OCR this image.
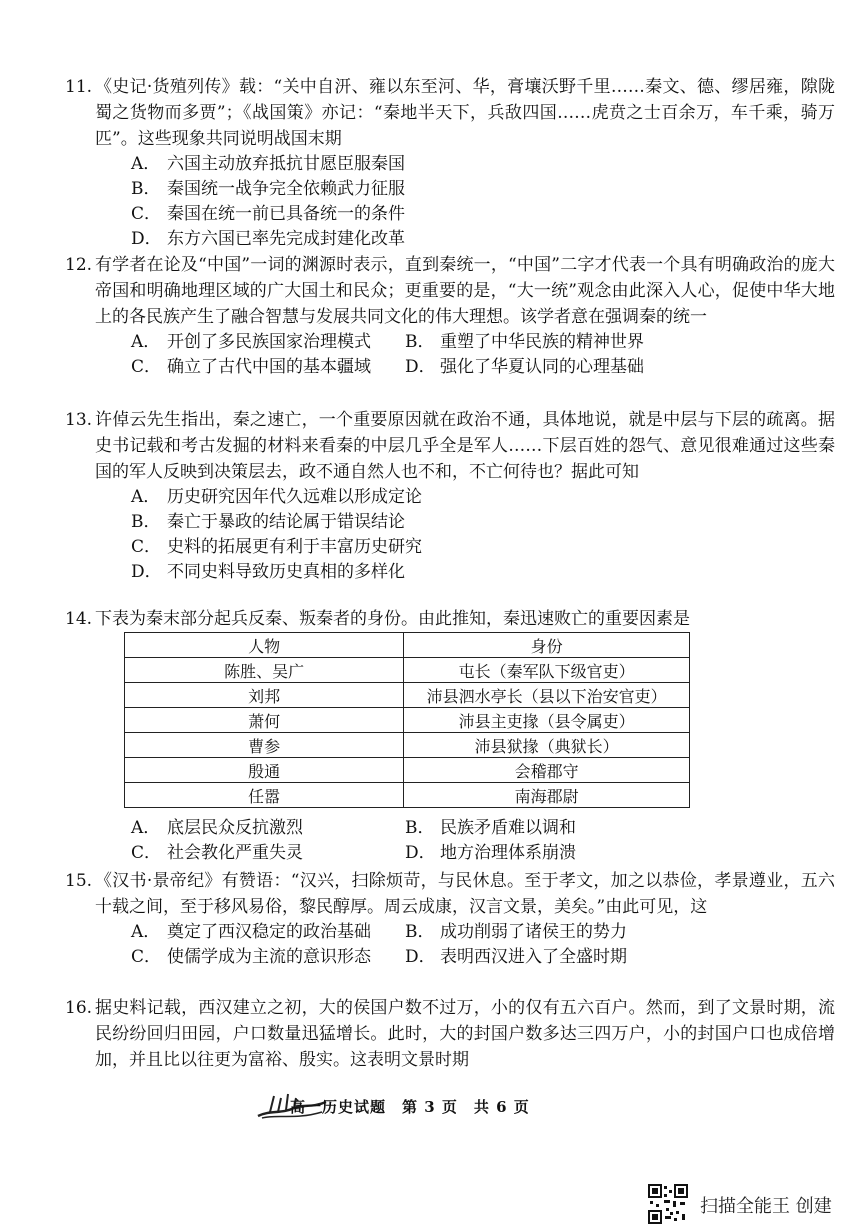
11. 《史记·货殖列传》载：“关中自汧、雍以东至河、华，膏壤沃野千里……秦文、德、缪居雍，隙陇蜀之货物而多贾”；《战国策》亦记：“秦地半天下，兵敌四国……虎贲之士百余万，车千乘，骑万匹”。这些现象共同说明战国末期

A． 六国主动放弃抵抗甘愿臣服秦国
B． 秦国统一战争完全依赖武力征服
C． 秦国在统一前已具备统一的条件
D． 东方六国已率先完成封建化改革
12. 有学者在论及“中国”一词的渊源时表示，直到秦统一，“中国”二字才代表一个具有明确政治的庞大帝国和明确地理区域的广大国土和民众；更重要的是，“大一统”观念由此深入人心，促使中华大地上的各民族产生了融合智慧与发展共同文化的伟大理想。该学者意在强调秦的统一

A． 开创了多民族国家治理模式 B． 重塑了中华民族的精神世界
C． 确立了古代中国的基本疆域 D． 强化了华夏认同的心理基础
13. 许倬云先生指出，秦之速亡，一个重要原因就在政治不通，具体地说，就是中层与下层的疏离。据史书记载和考古发掘的材料来看秦的中层几乎全是军人……下层百姓的怨气、意见很难通过这些秦国的军人反映到决策层去，政不通自然人也不和，不亡何待也？据此可知

A． 历史研究因年代久远难以形成定论
B． 秦亡于暴政的结论属于错误结论
C． 史料的拓展更有利于丰富历史研究
D． 不同史料导致历史真相的多样化
14. 下表为秦末部分起兵反秦、叛秦者的身份。由此推知，秦迅速败亡的重要因素是

人物	身份
陈胜、吴广	屯长（秦军队下级官吏）
刘邦	沛县泗水亭长（县以下治安官吏）
萧何	沛县主吏掾（县令属吏）
曹参	沛县狱掾（典狱长）
殷通	会稽郡守
任嚣	南海郡尉
A． 底层民众反抗激烈	B． 民族矛盾难以调和
C． 社会教化严重失灵	D． 地方治理体系崩溃
15. 《汉书·景帝纪》有赞语：“汉兴，扫除烦苛，与民休息。至于孝文，加之以恭俭，孝景遵业，五六十载之间，至于移风易俗，黎民醇厚。周云成康，汉言文景，美矣。”由此可见，这

A． 奠定了西汉稳定的政治基础 B． 成功削弱了诸侯王的势力
C． 使儒学成为主流的意识形态 D． 表明西汉进入了全盛时期
16. 据史料记载，西汉建立之初，大的侯国户数不过万，小的仅有五六百户。然而，到了文景时期，流民纷纷回归田园，户口数量迅猛增长。此时，大的封国户数多达三四万户，小的封国户口也成倍增加，并且比以往更为富裕、殷实。这表明文景时期

高一历史试题　第 3 页　共 6 页
扫描全能王 创建
